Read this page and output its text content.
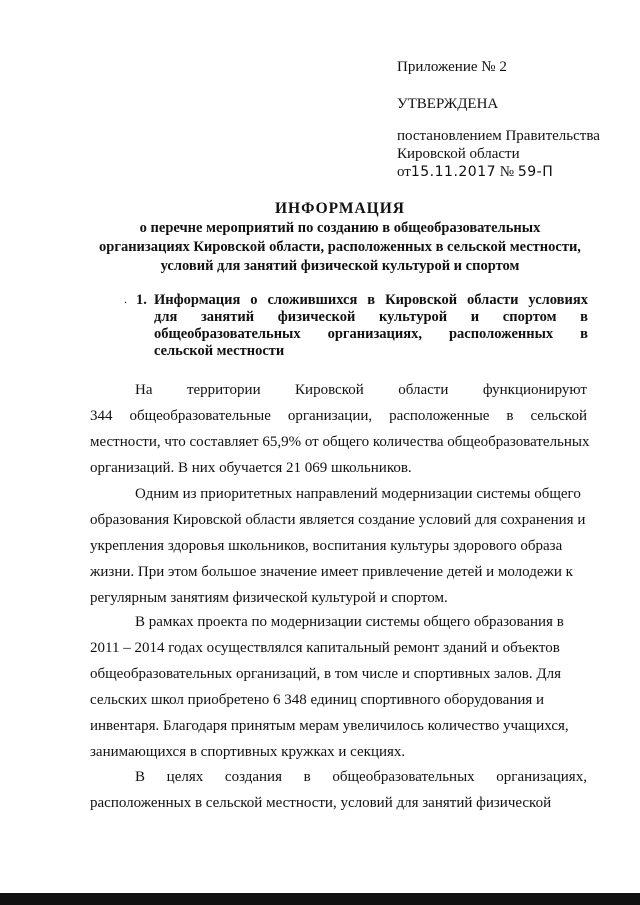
Приложение № 2
УТВЕРЖДЕНА
постановлением Правительства
Кировской области
от15.11.2017 № 59-П
ИНФОРМАЦИЯ
о перечне мероприятий по созданию в общеобразовательных
организациях Кировской области, расположенных в сельской местности,
условий для занятий физической культурой и спортом
. 1. Информация о сложившихся в Кировской области условиях
для занятий физической культурой и спортом в
общеобразовательных организациях, расположенных в
сельской местности
На территории Кировской области функционируют
344 общеобразовательные организации, расположенные в сельской
местности, что составляет 65,9% от общего количества общеобразовательных
организаций. В них обучается 21 069 школьников.
Одним из приоритетных направлений модернизации системы общего
образования Кировской области является создание условий для сохранения и
укрепления здоровья школьников, воспитания культуры здорового образа
жизни. При этом большое значение имеет привлечение детей и молодежи к
регулярным занятиям физической культурой и спортом.
В рамках проекта по модернизации системы общего образования в
2011 – 2014 годах осуществлялся капитальный ремонт зданий и объектов
общеобразовательных организаций, в том числе и спортивных залов. Для
сельских школ приобретено 6 348 единиц спортивного оборудования и
инвентаря. Благодаря принятым мерам увеличилось количество учащихся,
занимающихся в спортивных кружках и секциях.
В целях создания в общеобразовательных организациях,
расположенных в сельской местности, условий для занятий физической
